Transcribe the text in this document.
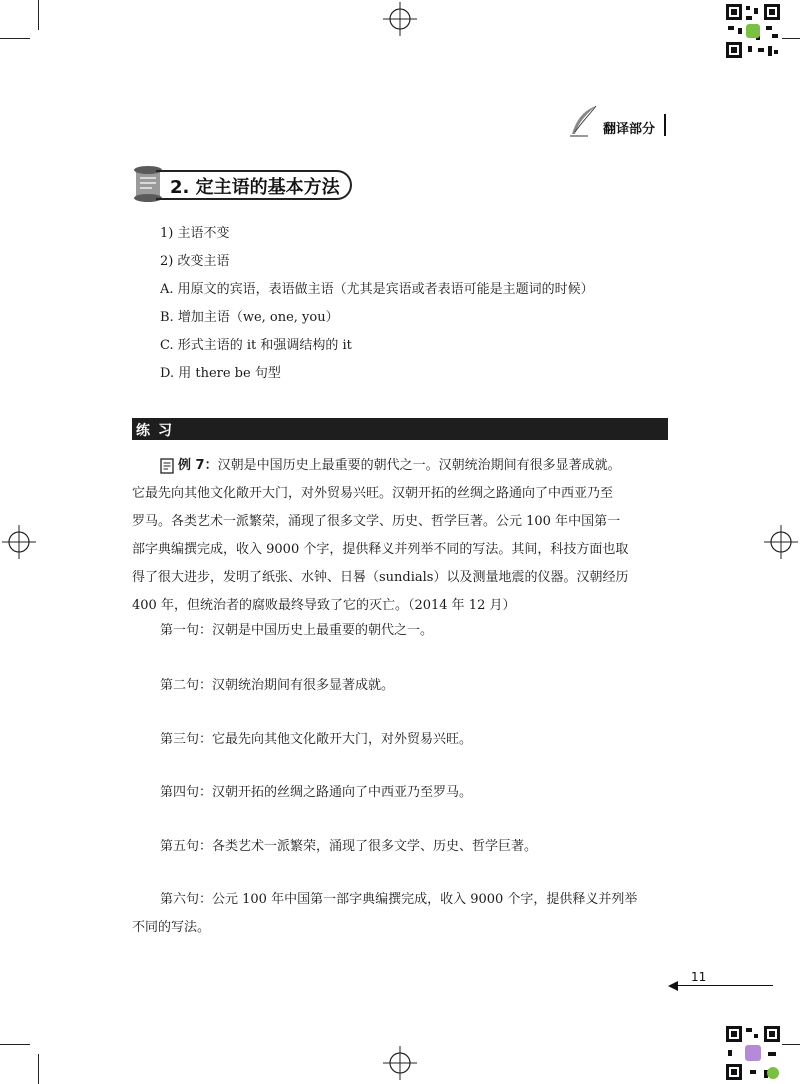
翻译部分
2. 定主语的基本方法
1) 主语不变
2) 改变主语
A. 用原文的宾语，表语做主语（尤其是宾语或者表语可能是主题词的时候）
B. 增加主语（we, one, you）
C. 形式主语的 it 和强调结构的 it
D. 用 there be 句型
练习
例 7：汉朝是中国历史上最重要的朝代之一。汉朝统治期间有很多显著成就。
它最先向其他文化敞开大门，对外贸易兴旺。汉朝开拓的丝绸之路通向了中西亚乃至
罗马。各类艺术一派繁荣，涌现了很多文学、历史、哲学巨著。公元 100 年中国第一
部字典编撰完成，收入 9000 个字，提供释义并列举不同的写法。其间，科技方面也取
得了很大进步，发明了纸张、水钟、日晷（sundials）以及测量地震的仪器。汉朝经历
400 年，但统治者的腐败最终导致了它的灭亡。（2014 年 12 月）
第一句：汉朝是中国历史上最重要的朝代之一。
第二句：汉朝统治期间有很多显著成就。
第三句：它最先向其他文化敞开大门，对外贸易兴旺。
第四句：汉朝开拓的丝绸之路通向了中西亚乃至罗马。
第五句：各类艺术一派繁荣，涌现了很多文学、历史、哲学巨著。
第六句：公元 100 年中国第一部字典编撰完成，收入 9000 个字，提供释义并列举
不同的写法。
11
